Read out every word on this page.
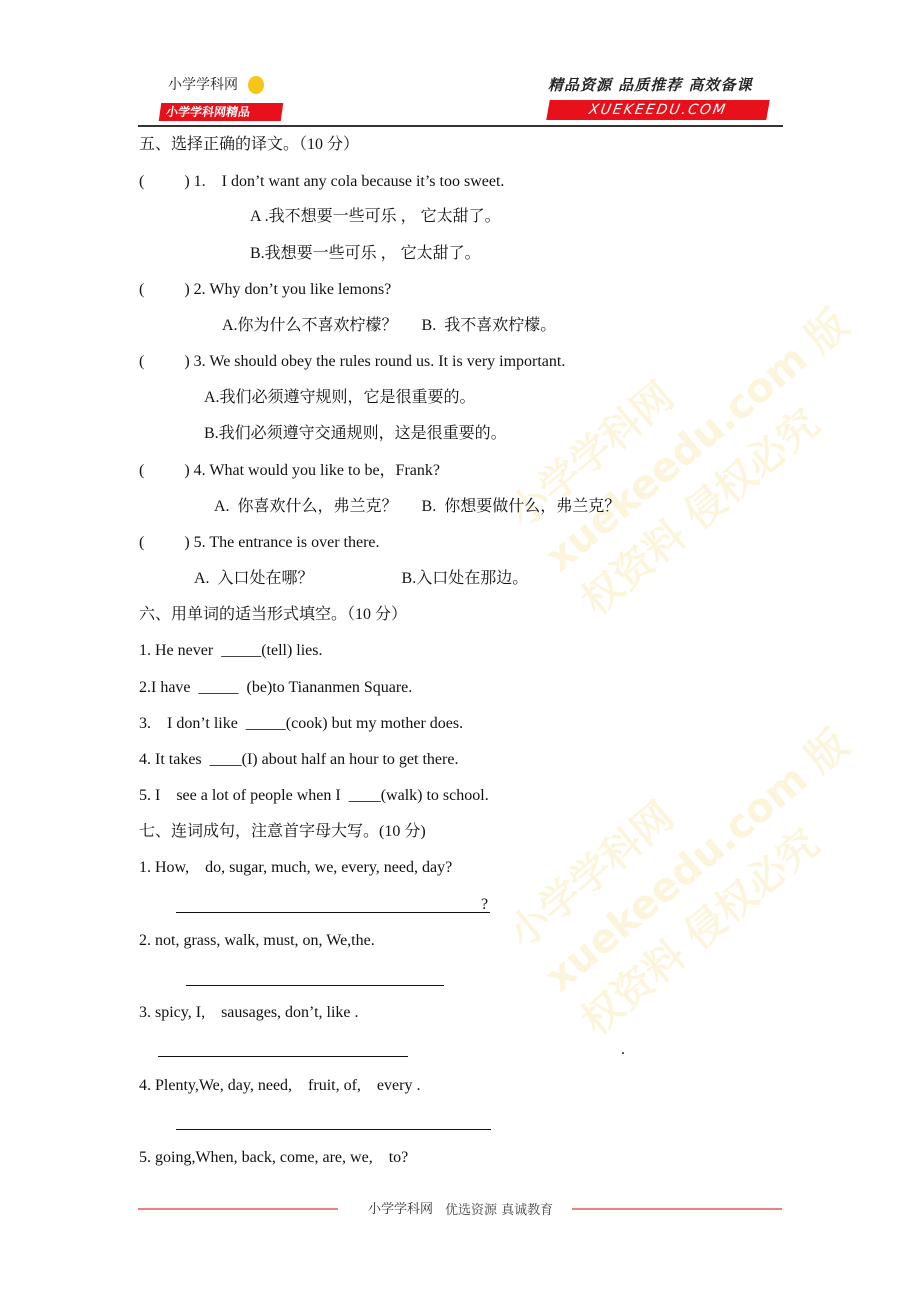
小学学科网 xuekeedu.com 版权资料 侵权必究
小学学科网 xuekeedu.com 版权资料 侵权必究
小学学科网
小学学科网精品
精品资源 品质推荐 高效备课
XUEKEEDU.COM
五、选择正确的译文。（10 分）
(          ) 1.    I don’t want any cola because it’s too sweet.
A .我不想要一些可乐 ， 它太甜了。
B.我想要一些可乐 ， 它太甜了。
(          ) 2. Why don’t you like lemons?
A.你为什么不喜欢柠檬？      B.  我不喜欢柠檬。
(          ) 3. We should obey the rules round us. It is very important.
A.我们必须遵守规则，它是很重要的。
B.我们必须遵守交通规则，这是很重要的。
(          ) 4. What would you like to be，Frank?
A.  你喜欢什么，弗兰克？      B.  你想要做什么，弗兰克？
(          ) 5. The entrance is over there.
A.  入口处在哪？                      B.入口处在那边。
六、用单词的适当形式填空。（10 分）
1. He never  _____(tell) lies.
2.I have  _____  (be)to Tiananmen Square.
3.    I don’t like  _____(cook) but my mother does.
4. It takes  ____(I) about half an hour to get there.
5. I    see a lot of people when I  ____(walk) to school.
七、连词成句，注意首字母大写。(10 分)
1. How,    do, sugar, much, we, every, need, day?
?
2. not, grass, walk, must, on, We,the.
3. spicy, I,    sausages, don’t, like .
.
4. Plenty,We, day, need,    fruit, of,    every .
5. going,When, back, come, are, we,    to?
小学学科网 优选资源 真诚教育
